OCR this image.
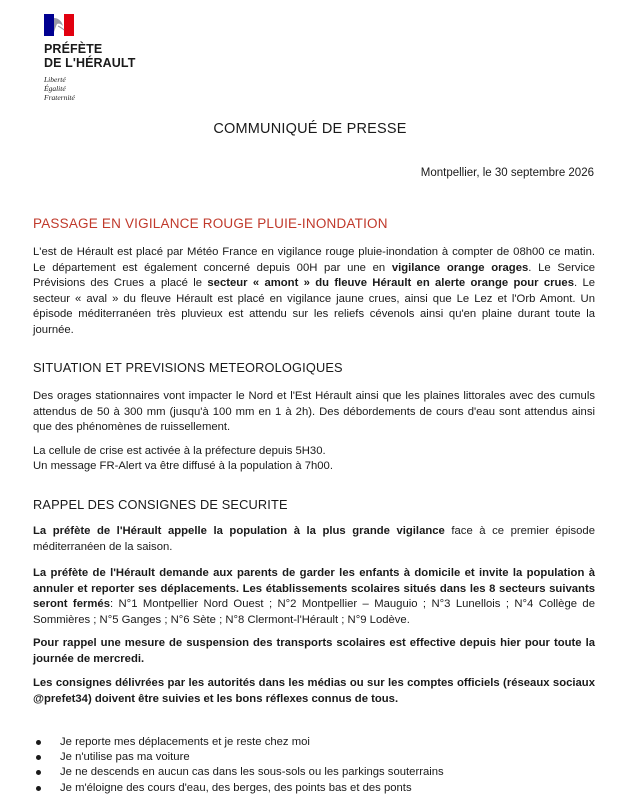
PRÉFÈTE
DE L'HÉRAULT
Liberté
Égalité
Fraternité
COMMUNIQUÉ DE PRESSE
Montpellier, le 30 septembre 2026
PASSAGE EN VIGILANCE ROUGE PLUIE-INONDATION
L'est de Hérault est placé par Météo France en vigilance rouge pluie-inondation à compter de 08h00 ce matin. Le département est également concerné depuis 00H par une en vigilance orange orages. Le Service Prévisions des Crues a placé le secteur « amont » du fleuve Hérault en alerte orange pour crues. Le secteur « aval » du fleuve Hérault est placé en vigilance jaune crues, ainsi que Le Lez et l'Orb Amont. Un épisode méditerranéen très pluvieux est attendu sur les reliefs cévenols ainsi qu'en plaine durant toute la journée.
SITUATION ET PREVISIONS METEOROLOGIQUES
Des orages stationnaires vont impacter le Nord et l'Est Hérault ainsi que les plaines littorales avec des cumuls attendus de 50 à 300 mm (jusqu'à 100 mm en 1 à 2h). Des débordements de cours d'eau sont attendus ainsi que des phénomènes de ruissellement.
La cellule de crise est activée à la préfecture depuis 5H30.
Un message FR-Alert va être diffusé à la population à 7h00.
RAPPEL DES CONSIGNES DE SECURITE
La préfète de l'Hérault appelle la population à la plus grande vigilance face à ce premier épisode méditerranéen de la saison.
La préfète de l'Hérault demande aux parents de garder les enfants à domicile et invite la population à annuler et reporter ses déplacements. Les établissements scolaires situés dans les 8 secteurs suivants seront fermés: N°1 Montpellier Nord Ouest ; N°2 Montpellier – Mauguio ; N°3 Lunellois ; N°4 Collège de Sommières ; N°5 Ganges ; N°6 Sète ; N°8 Clermont-l'Hérault ; N°9 Lodève.
Pour rappel une mesure de suspension des transports scolaires est effective depuis hier pour toute la journée de mercredi.
Les consignes délivrées par les autorités dans les médias ou sur les comptes officiels (réseaux sociaux @prefet34) doivent être suivies et les bons réflexes connus de tous.
Je reporte mes déplacements et je reste chez moi
Je n'utilise pas ma voiture
Je ne descends en aucun cas dans les sous-sols ou les parkings souterrains
Je m'éloigne des cours d'eau, des berges, des points bas et des ponts
